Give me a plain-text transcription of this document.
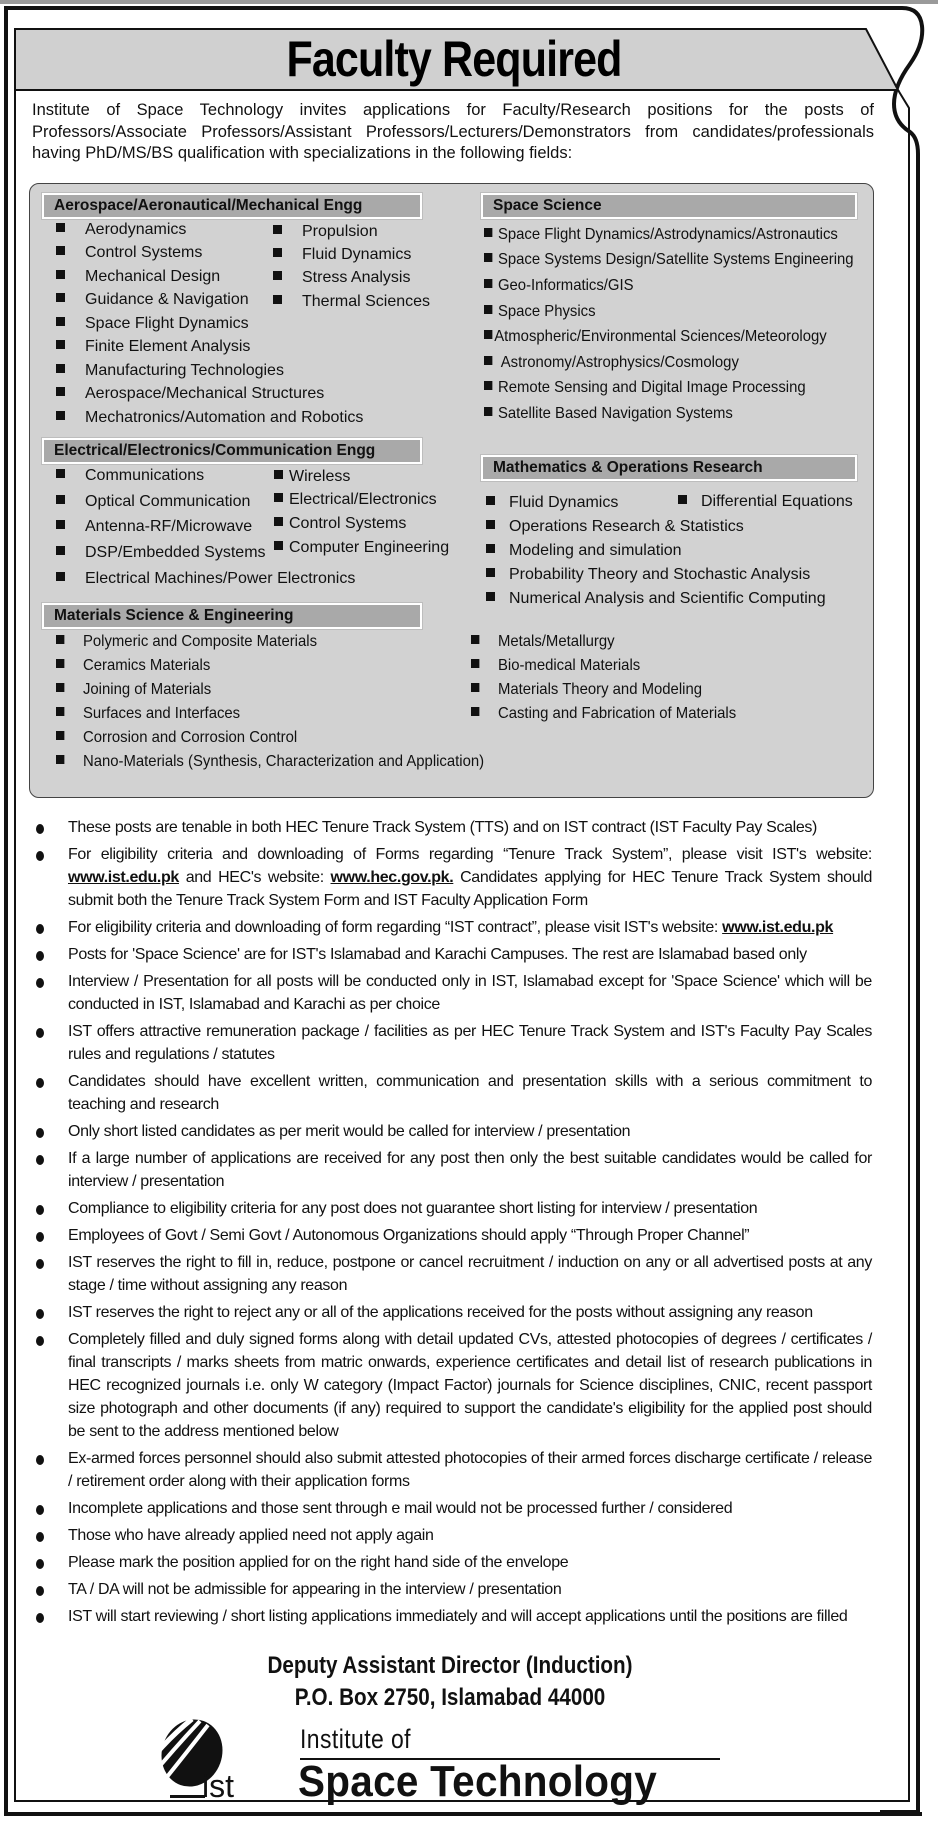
Faculty Required
Institute of Space Technology invites applications for Faculty/Research positions for the posts of Professors/Associate Professors/Assistant Professors/Lecturers/Demonstrators from candidates/professionals having PhD/MS/BS qualification with specializations in the following fields:
Aerospace/Aeronautical/Mechanical Engg
Aerodynamics
Control Systems
Mechanical Design
Guidance & Navigation
Space Flight Dynamics
Finite Element Analysis
Manufacturing Technologies
Aerospace/Mechanical Structures
Mechatronics/Automation and Robotics
Propulsion
Fluid Dynamics
Stress Analysis
Thermal Sciences
Space Science
Space Flight Dynamics/Astrodynamics/Astronautics
Space Systems Design/Satellite Systems Engineering
Geo-Informatics/GIS
Space Physics
Atmospheric/Environmental Sciences/Meteorology
Astronomy/Astrophysics/Cosmology
Remote Sensing and Digital Image Processing
Satellite Based Navigation Systems
Electrical/Electronics/Communication Engg
Communications
Optical Communication
Antenna-RF/Microwave
DSP/Embedded Systems
Electrical Machines/Power Electronics
Wireless
Electrical/Electronics
Control Systems
Computer Engineering
Mathematics & Operations Research
Fluid Dynamics
Operations Research & Statistics
Modeling and simulation
Probability Theory and Stochastic Analysis
Numerical Analysis and Scientific Computing
Differential Equations
Materials Science & Engineering
Polymeric and Composite Materials
Ceramics Materials
Joining of Materials
Surfaces and Interfaces
Corrosion and Corrosion Control
Nano-Materials (Synthesis, Characterization and Application)
Metals/Metallurgy
Bio-medical Materials
Materials Theory and Modeling
Casting and Fabrication of Materials
These posts are tenable in both HEC Tenure Track System (TTS) and on IST contract (IST Faculty Pay Scales)
For eligibility criteria and downloading of Forms regarding “Tenure Track System”, please visit IST's website: www.ist.edu.pk and HEC's website: www.hec.gov.pk. Candidates applying for HEC Tenure Track System should submit both the Tenure Track System Form and IST Faculty Application Form
For eligibility criteria and downloading of form regarding “IST contract”, please visit IST's website: www.ist.edu.pk
Posts for 'Space Science' are for IST's Islamabad and Karachi Campuses. The rest are Islamabad based only
Interview / Presentation for all posts will be conducted only in IST, Islamabad except for 'Space Science' which will be conducted in IST, Islamabad and Karachi as per choice
IST offers attractive remuneration package / facilities as per HEC Tenure Track System and IST's Faculty Pay Scales rules and regulations / statutes
Candidates should have excellent written, communication and presentation skills with a serious commitment to teaching and research
Only short listed candidates as per merit would be called for interview / presentation
If a large number of applications are received for any post then only the best suitable candidates would be called for interview / presentation
Compliance to eligibility criteria for any post does not guarantee short listing for interview / presentation
Employees of Govt / Semi Govt / Autonomous Organizations should apply “Through Proper Channel”
IST reserves the right to fill in, reduce, postpone or cancel recruitment / induction on any or all advertised posts at any stage / time without assigning any reason
IST reserves the right to reject any or all of the applications received for the posts without assigning any reason
Completely filled and duly signed forms along with detail updated CVs, attested photocopies of degrees / certificates / final transcripts / marks sheets from matric onwards, experience certificates and detail list of research publications in HEC recognized journals i.e. only W category (Impact Factor) journals for Science disciplines, CNIC, recent passport size photograph and other documents (if any) required to support the candidate's eligibility for the applied post should be sent to the address mentioned below
Ex-armed forces personnel should also submit attested photocopies of their armed forces discharge certificate / release / retirement order along with their application forms
Incomplete applications and those sent through e mail would not be processed further / considered
Those who have already applied need not apply again
Please mark the position applied for on the right hand side of the envelope
TA / DA will not be admissible for appearing in the interview / presentation
IST will start reviewing / short listing applications immediately and will accept applications until the positions are filled
Deputy Assistant Director (Induction)
P.O. Box 2750, Islamabad 44000
ist
Institute of
Space Technology
